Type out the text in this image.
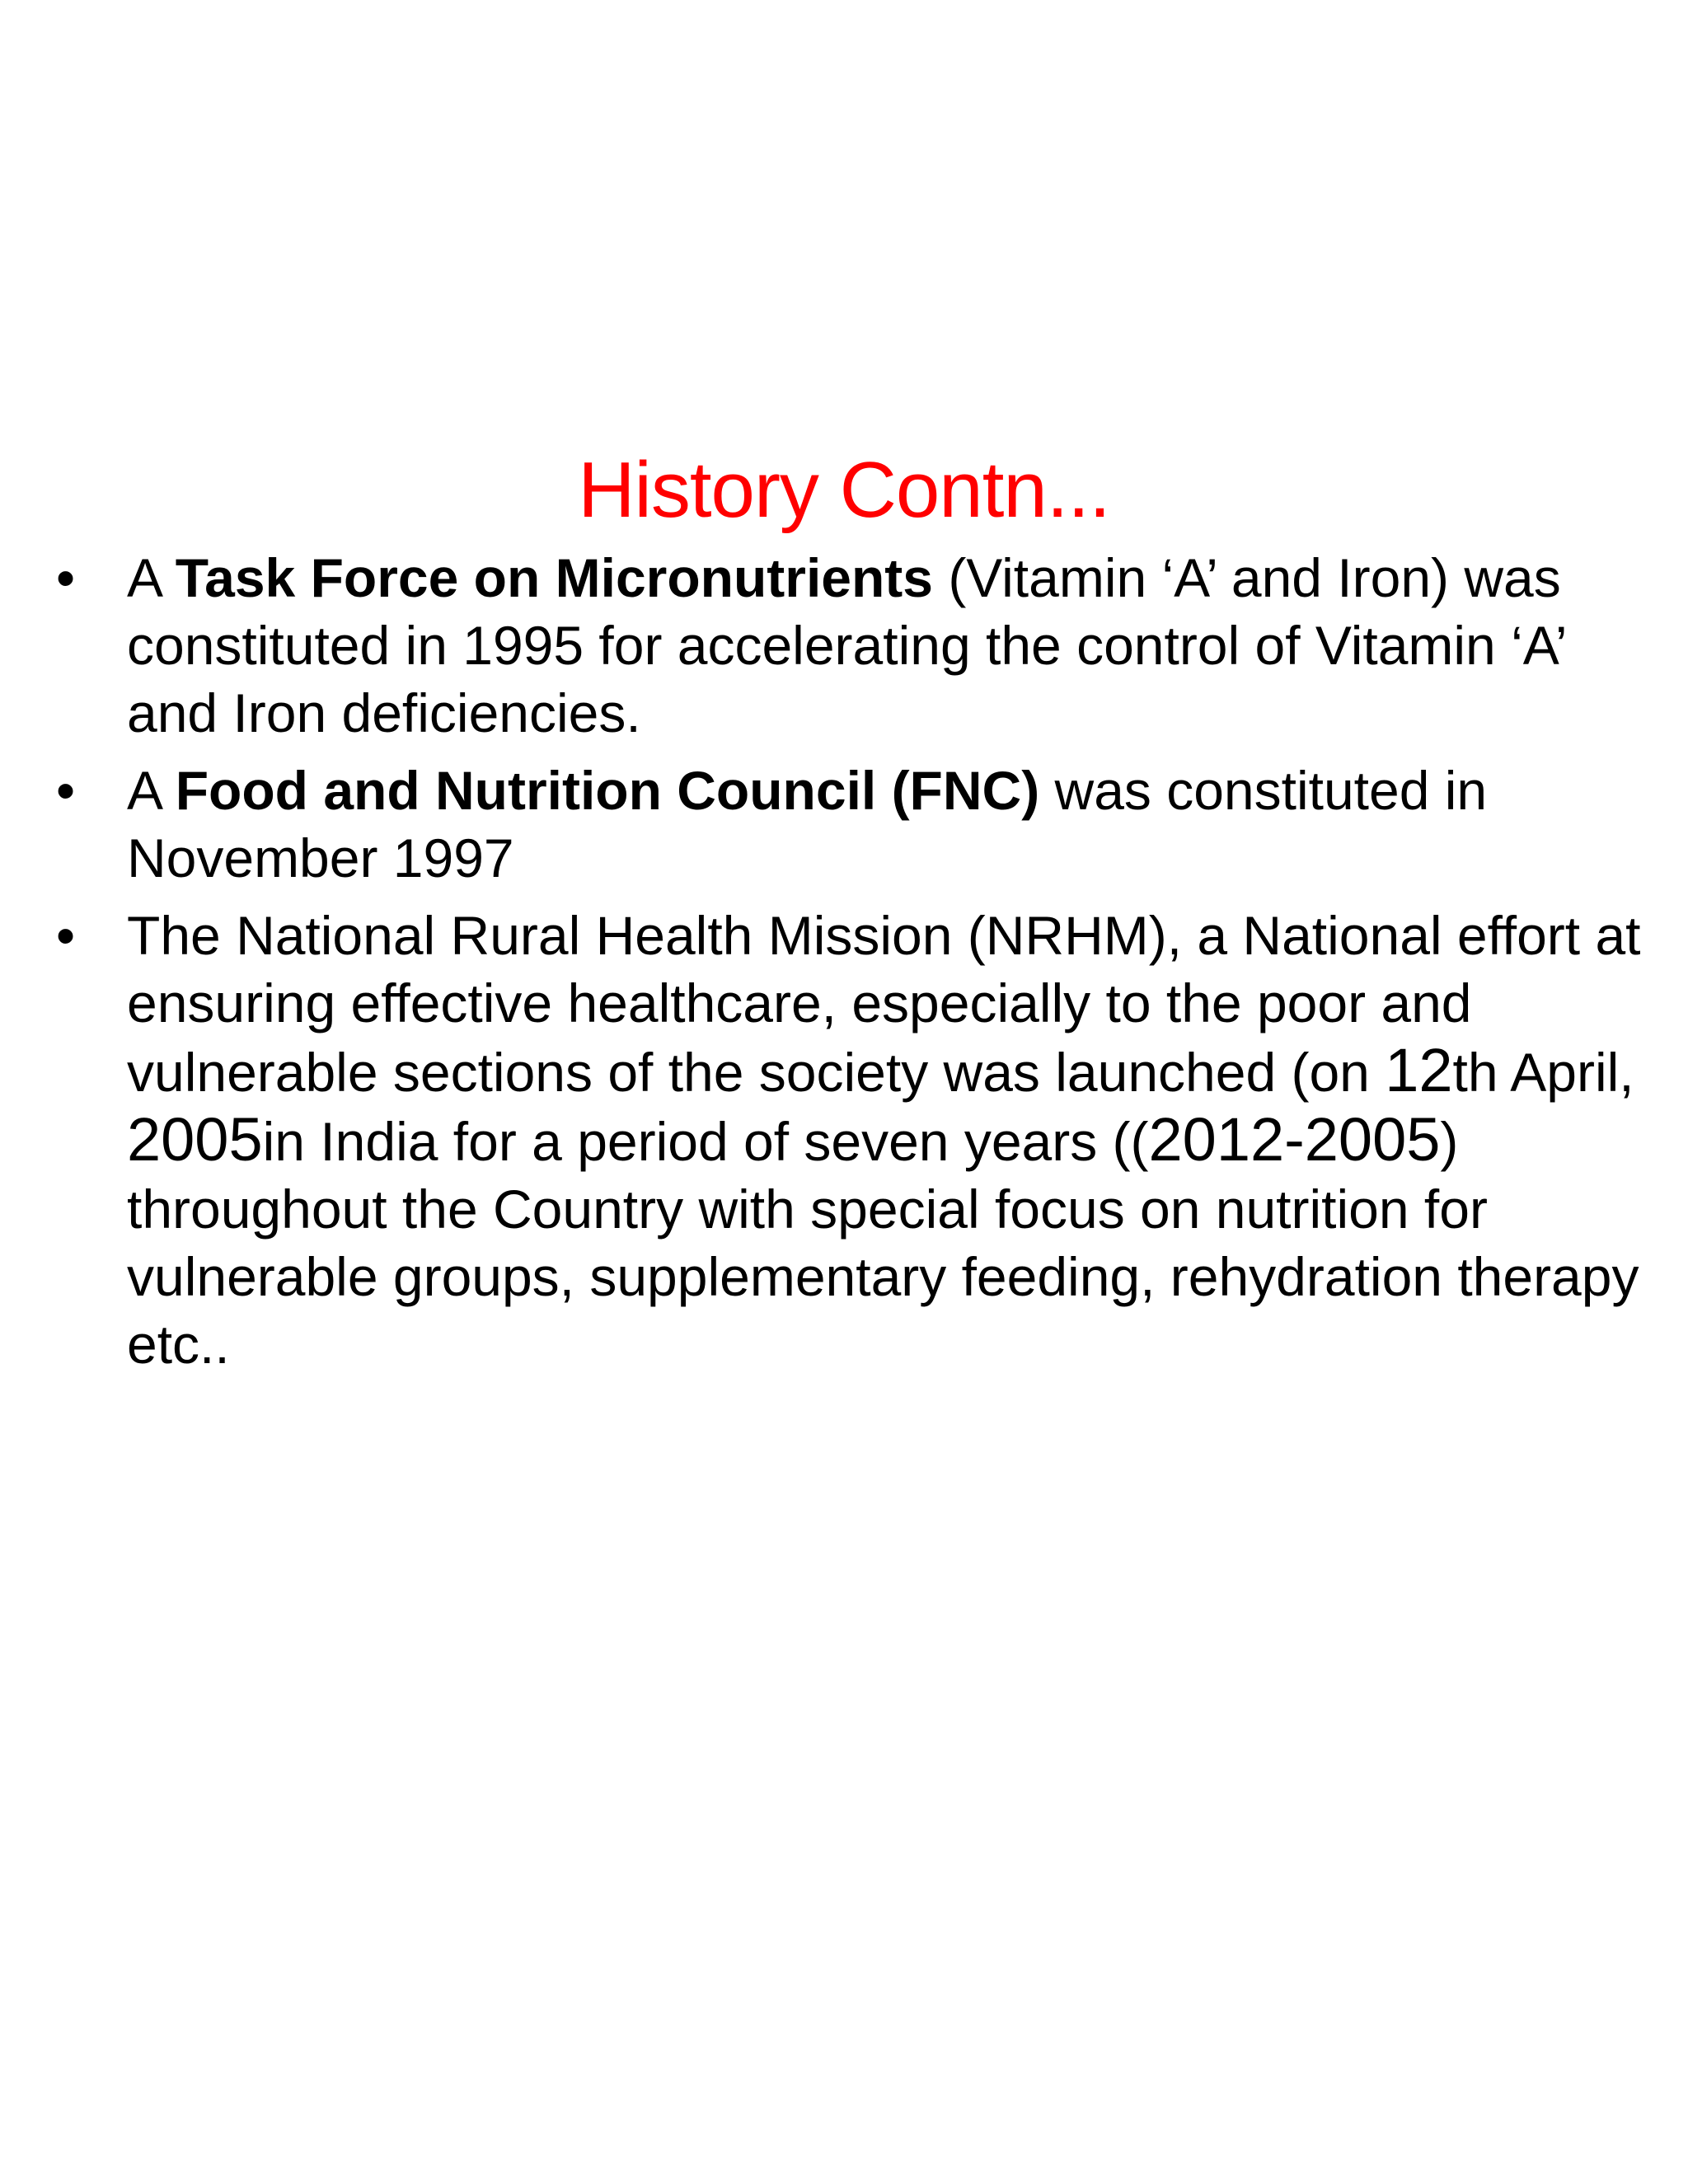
History Contn...
• A Task Force on Micronutrients (Vitamin ‘A’ and Iron) was constituted in 1995 for accelerating the control of Vitamin ‘A’ and Iron deficiencies.
• A Food and Nutrition Council (FNC) was constituted in November 1997
• The National Rural Health Mission (NRHM), a National effort at ensuring effective healthcare, especially to the poor and vulnerable sections of the society was launched (on 12th April, 2005in India for a period of seven years ((2012-2005) throughout the Country with special focus on nutrition for vulnerable groups, supplementary feeding, rehydration therapy etc..
